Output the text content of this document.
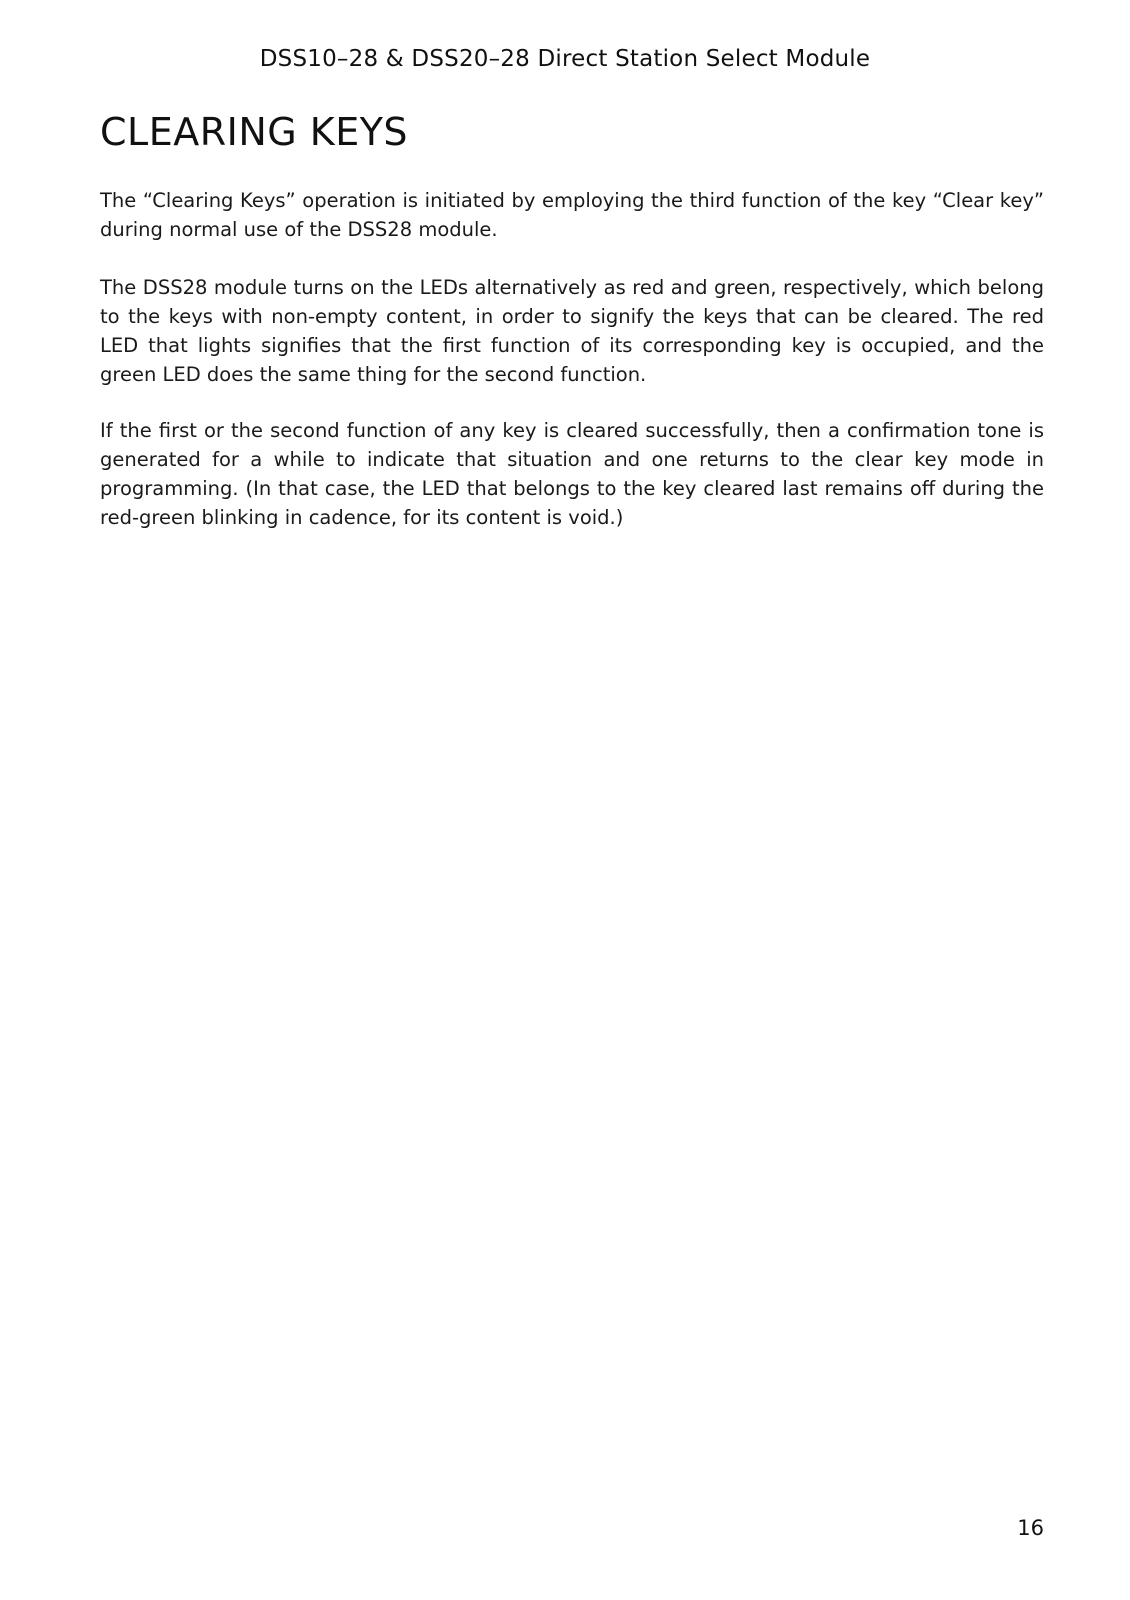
DSS10–28 & DSS20–28 Direct Station Select Module
CLEARING KEYS

The “Clearing Keys” operation is initiated by employing the third function of the key “Clear key” during normal use of the DSS28 module.

The DSS28 module turns on the LEDs alternatively as red and green, respectively, which belong to the keys with non-empty content, in order to signify the keys that can be cleared. The red LED that lights signifies that the first function of its corresponding key is occupied, and the green LED does the same thing for the second function.

If the first or the second function of any key is cleared successfully, then a confirmation tone is generated for a while to indicate that situation and one returns to the clear key mode in programming. (In that case, the LED that belongs to the key cleared last remains off during the red-green blinking in cadence, for its content is void.)

16
